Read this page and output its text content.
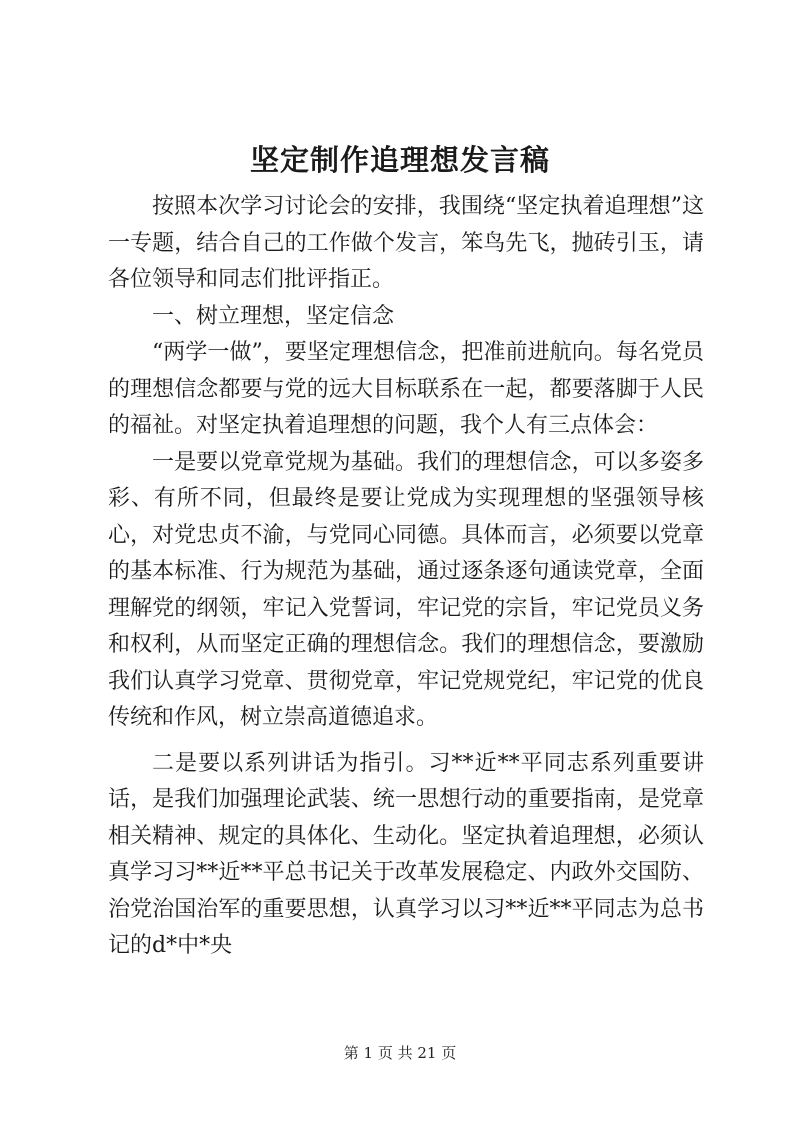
坚定制作追理想发言稿

按照本次学习讨论会的安排，我围绕“坚定执着追理想”这一专题，结合自己的工作做个发言，笨鸟先飞，抛砖引玉，请各位领导和同志们批评指正。

一、树立理想，坚定信念

“两学一做”，要坚定理想信念，把准前进航向。每名党员的理想信念都要与党的远大目标联系在一起，都要落脚于人民的福祉。对坚定执着追理想的问题，我个人有三点体会：

一是要以党章党规为基础。我们的理想信念，可以多姿多彩、有所不同，但最终是要让党成为实现理想的坚强领导核心，对党忠贞不渝，与党同心同德。具体而言，必须要以党章的基本标准、行为规范为基础，通过逐条逐句通读党章，全面理解党的纲领，牢记入党誓词，牢记党的宗旨，牢记党员义务和权利，从而坚定正确的理想信念。我们的理想信念，要激励我们认真学习党章、贯彻党章，牢记党规党纪，牢记党的优良传统和作风，树立崇高道德追求。

二是要以系列讲话为指引。习**近**平同志系列重要讲话，是我们加强理论武装、统一思想行动的重要指南，是党章相关精神、规定的具体化、生动化。坚定执着追理想，必须认真学习习**近**平总书记关于改革发展稳定、内政外交国防、治党治国治军的重要思想，认真学习以习**近**平同志为总书记的d*中*央

第 1 页 共 21 页
